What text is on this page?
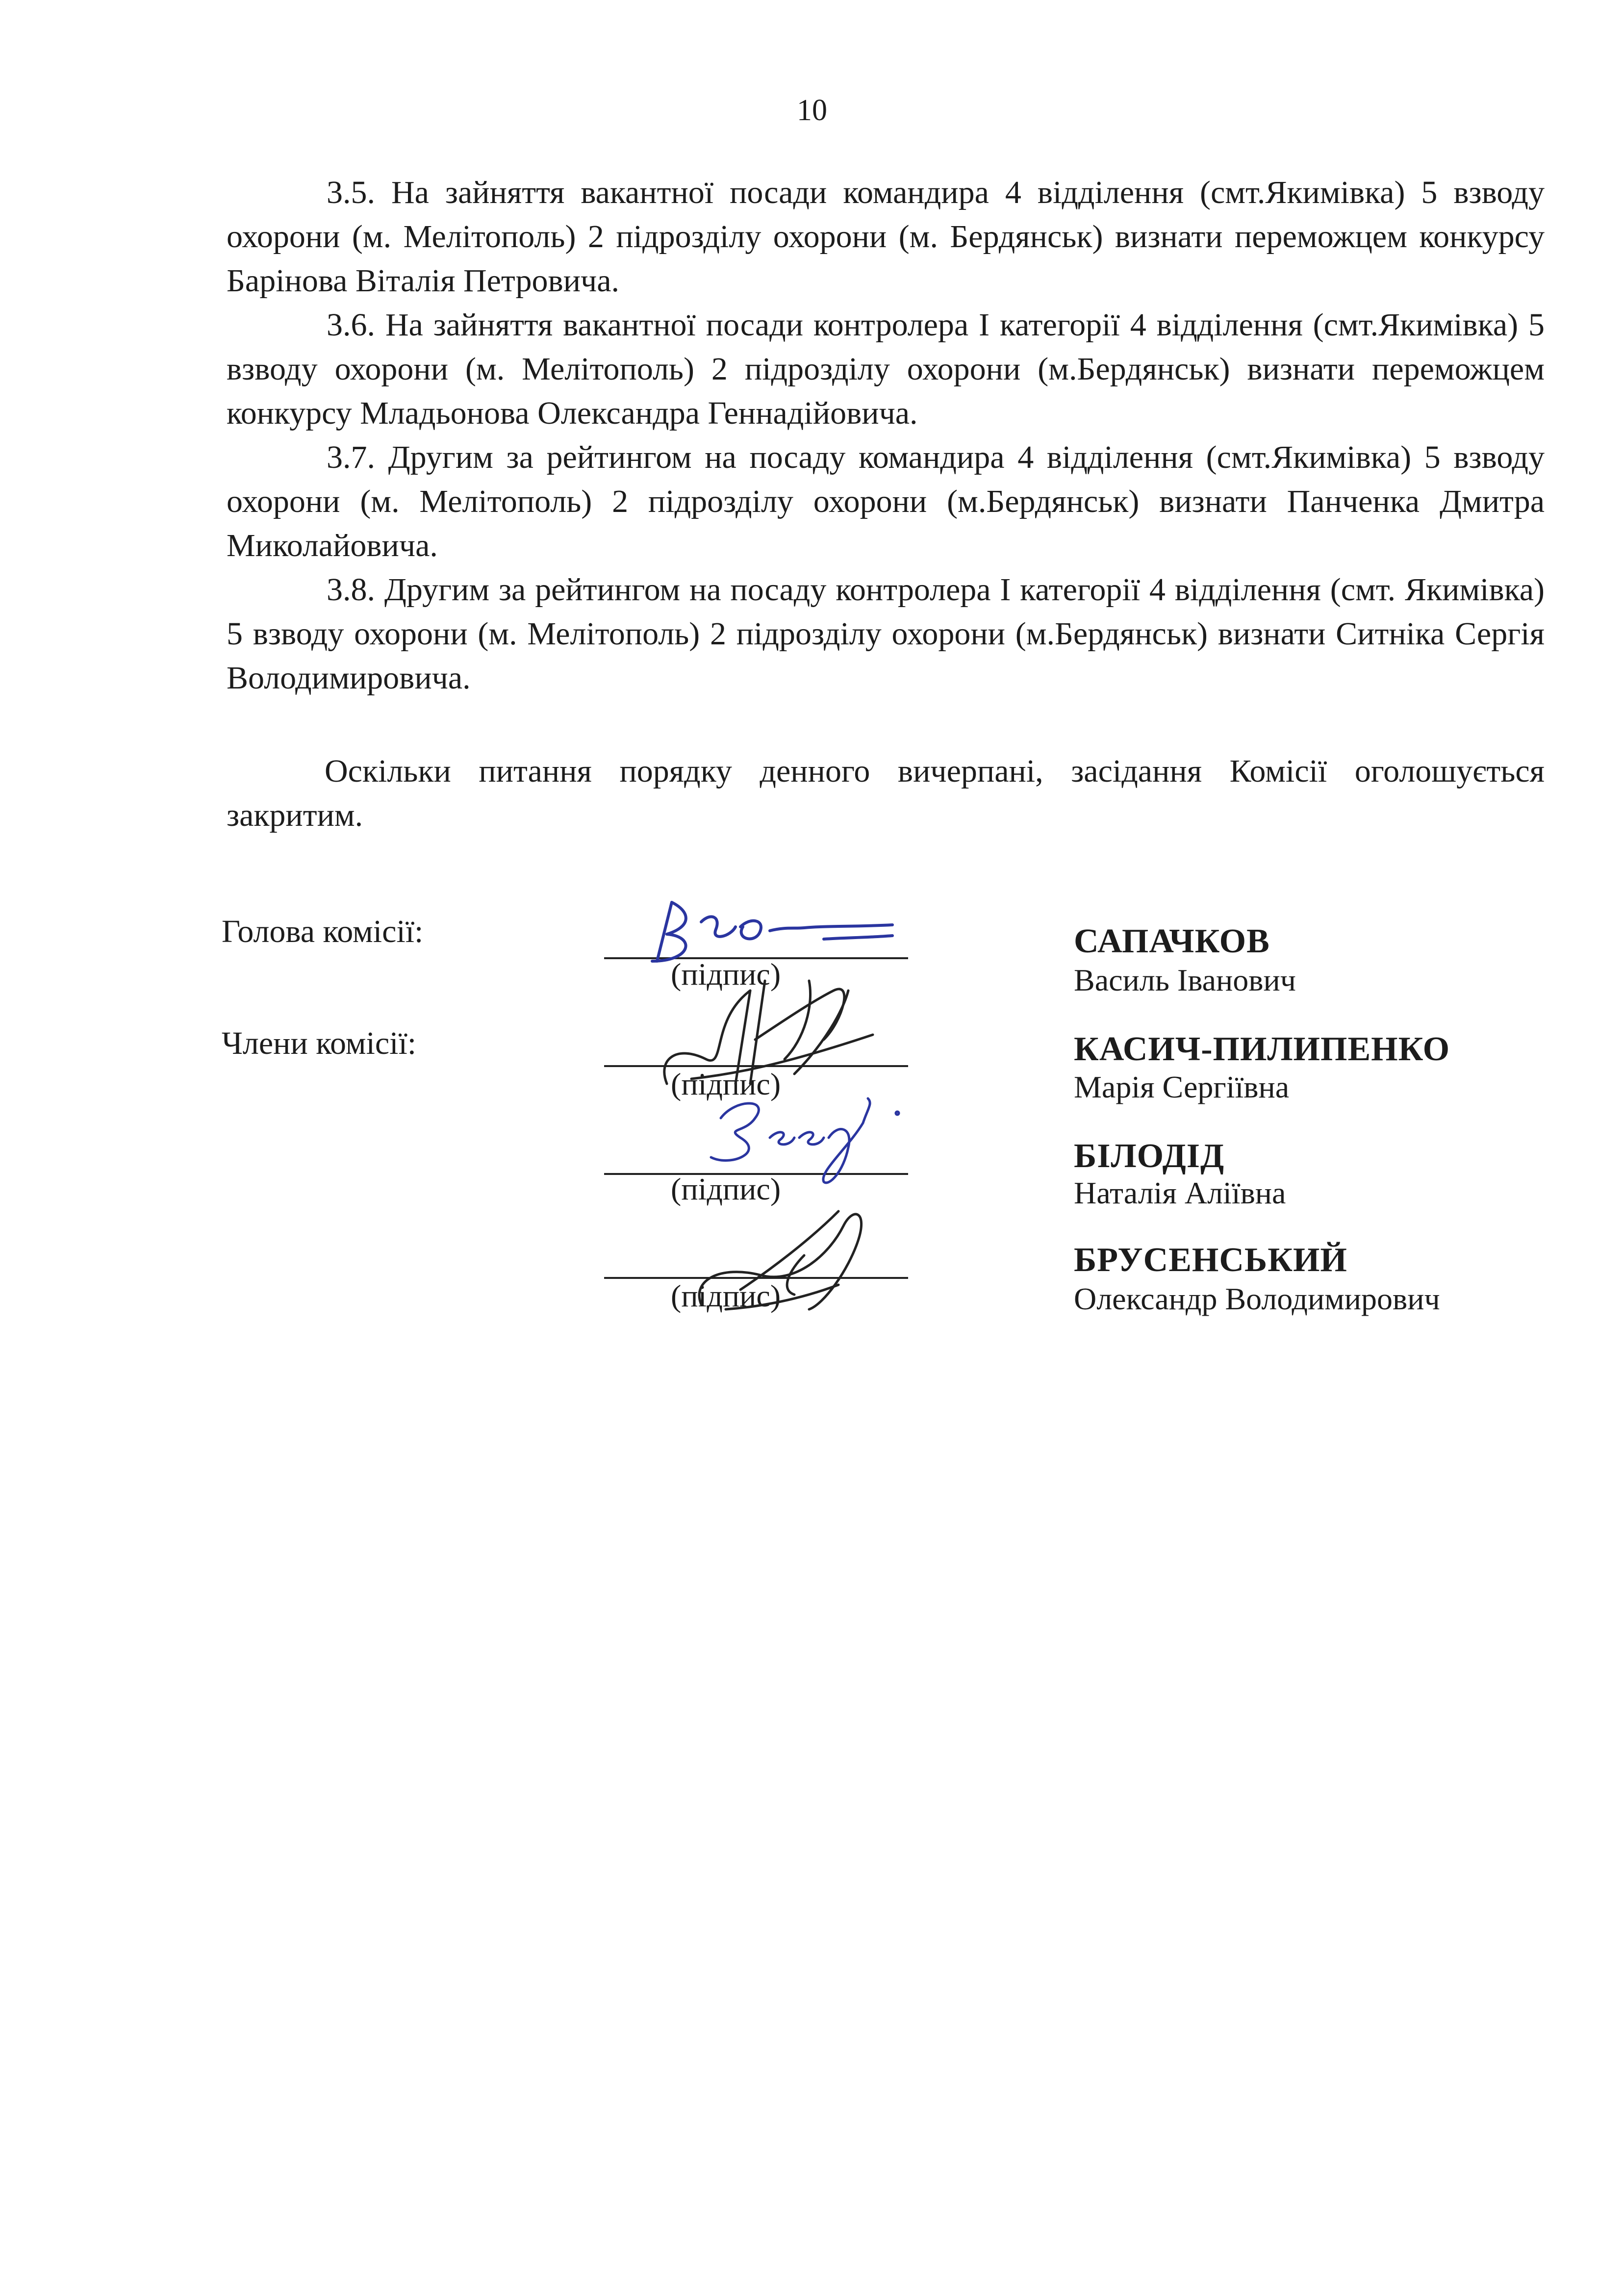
10

3.5. На зайняття вакантної посади командира 4 відділення (смт.Якимівка) 5 взводу охорони (м. Мелітополь) 2 підрозділу охорони (м. Бердянськ) визнати переможцем конкурсу Барінова Віталія Петровича.

3.6. На зайняття вакантної посади контролера І категорії 4 відділення (смт.Якимівка) 5 взводу охорони (м. Мелітополь) 2 підрозділу охорони (м.Бердянськ) визнати переможцем конкурсу Младьонова Олександра Геннадійовича.

3.7. Другим за рейтингом на посаду командира 4 відділення (смт.Якимівка) 5 взводу охорони (м. Мелітополь) 2 підрозділу охорони (м.Бердянськ) визнати Панченка Дмитра Миколайовича.

3.8. Другим за рейтингом на посаду контролера І категорії 4 відділення (смт. Якимівка) 5 взводу охорони (м. Мелітополь) 2 підрозділу охорони (м.Бердянськ) визнати Ситніка Сергія Володимировича.

Оскільки питання порядку денного вичерпані, засідання Комісії оголошується закритим.

Голова комісії:
Члени комісії:
(підпис)
САПАЧКОВ
Василь Іванович
(підпис)
КАСИЧ-ПИЛИПЕНКО
Марія Сергіївна
(підпис)
БІЛОДІД
Наталія Аліївна
(підпис)
БРУСЕНСЬКИЙ
Олександр Володимирович
